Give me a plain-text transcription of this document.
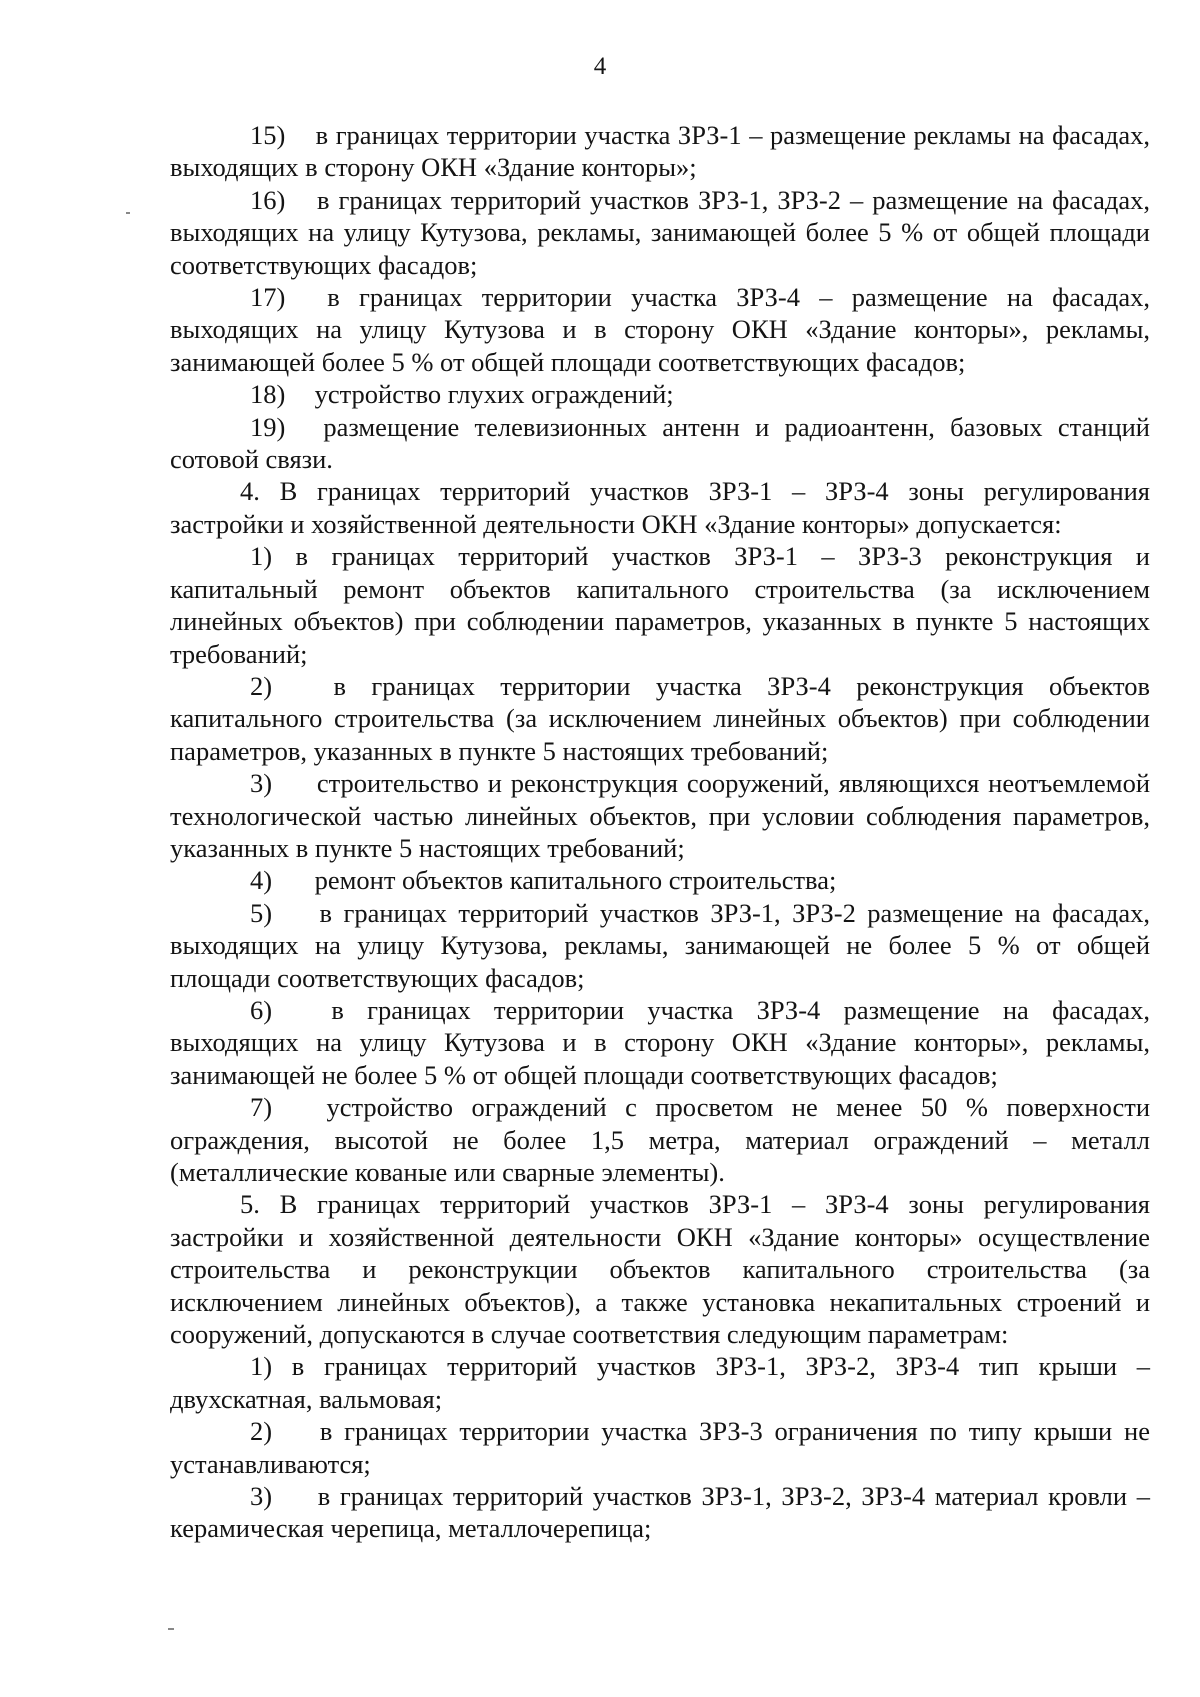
4

15) в границах территории участка ЗРЗ-1 – размещение рекламы на фасадах, выходящих в сторону ОКН «Здание конторы»;

16) в границах территорий участков ЗРЗ-1, ЗРЗ-2 – размещение на фасадах, выходящих на улицу Кутузова, рекламы, занимающей более 5 % от общей площади соответствующих фасадов;

17) в границах территории участка ЗРЗ-4 – размещение на фасадах, выходящих на улицу Кутузова и в сторону ОКН «Здание конторы», рекламы, занимающей более 5 % от общей площади соответствующих фасадов;

18) устройство глухих ограждений;

19) размещение телевизионных антенн и радиоантенн, базовых станций сотовой связи.

4. В границах территорий участков ЗРЗ-1 – ЗРЗ-4 зоны регулирования застройки и хозяйственной деятельности ОКН «Здание конторы» допускается:

1) в границах территорий участков ЗРЗ-1 – ЗРЗ-3 реконструкция и капитальный ремонт объектов капитального строительства (за исключением линейных объектов) при соблюдении параметров, указанных в пункте 5 настоящих требований;

2) в границах территории участка ЗРЗ-4 реконструкция объектов капитального строительства (за исключением линейных объектов) при соблюдении параметров, указанных в пункте 5 настоящих требований;

3) строительство и реконструкция сооружений, являющихся неотъемлемой технологической частью линейных объектов, при условии соблюдения параметров, указанных в пункте 5 настоящих требований;

4) ремонт объектов капитального строительства;

5) в границах территорий участков ЗРЗ-1, ЗРЗ-2 размещение на фасадах, выходящих на улицу Кутузова, рекламы, занимающей не более 5 % от общей площади соответствующих фасадов;

6) в границах территории участка ЗРЗ-4 размещение на фасадах, выходящих на улицу Кутузова и в сторону ОКН «Здание конторы», рекламы, занимающей не более 5 % от общей площади соответствующих фасадов;

7) устройство ограждений с просветом не менее 50 % поверхности ограждения, высотой не более 1,5 метра, материал ограждений – металл (металлические кованые или сварные элементы).

5. В границах территорий участков ЗРЗ-1 – ЗРЗ-4 зоны регулирования застройки и хозяйственной деятельности ОКН «Здание конторы» осуществление строительства и реконструкции объектов капитального строительства (за исключением линейных объектов), а также установка некапитальных строений и сооружений, допускаются в случае соответствия следующим параметрам:

1) в границах территорий участков ЗРЗ-1, ЗРЗ-2, ЗРЗ-4 тип крыши – двухскатная, вальмовая;

2) в границах территории участка ЗРЗ-3 ограничения по типу крыши не устанавливаются;

3) в границах территорий участков ЗРЗ-1, ЗРЗ-2, ЗРЗ-4 материал кровли – керамическая черепица, металлочерепица;
